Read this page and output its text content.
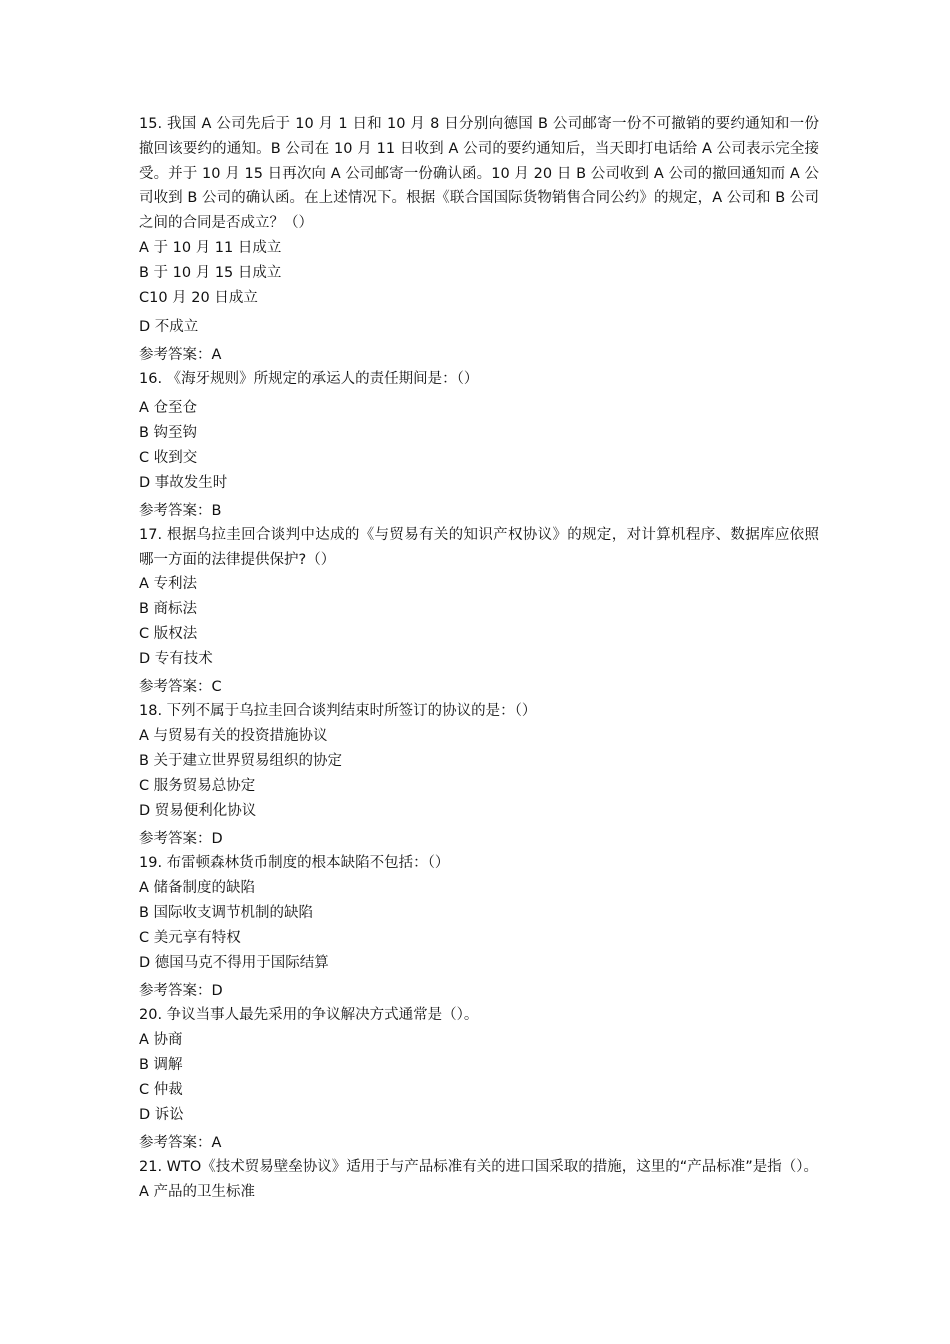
15. 我国 A 公司先后于 10 月 1 日和 10 月 8 日分别向德国 B 公司邮寄一份不可撤销的要约通知和一份撤回该要约的通知。B 公司在 10 月 11 日收到 A 公司的要约通知后，当天即打电话给 A 公司表示完全接受。并于 10 月 15 日再次向 A 公司邮寄一份确认函。10 月 20 日 B 公司收到 A 公司的撤回通知而 A 公司收到 B 公司的确认函。在上述情况下。根据《联合国国际货物销售合同公约》的规定，A 公司和 B 公司之间的合同是否成立？（）

A 于 10 月 11 日成立

B 于 10 月 15 日成立

C10 月 20 日成立

D 不成立

参考答案：A

16. 《海牙规则》所规定的承运人的责任期间是：（）

A 仓至仓

B 钩至钩

C 收到交

D 事故发生时

参考答案：B

17. 根据乌拉圭回合谈判中达成的《与贸易有关的知识产权协议》的规定，对计算机程序、数据库应依照哪一方面的法律提供保护?（）

A 专利法

B 商标法

C 版权法

D 专有技术

参考答案：C

18. 下列不属于乌拉圭回合谈判结束时所签订的协议的是：（）

A 与贸易有关的投资措施协议

B 关于建立世界贸易组织的协定

C 服务贸易总协定

D 贸易便利化协议

参考答案：D

19. 布雷顿森林货币制度的根本缺陷不包括：（）

A 储备制度的缺陷

B 国际收支调节机制的缺陷

C 美元享有特权

D 德国马克不得用于国际结算

参考答案：D

20. 争议当事人最先采用的争议解决方式通常是（）。

A 协商

B 调解

C 仲裁

D 诉讼

参考答案：A

21. WTO《技术贸易壁垒协议》适用于与产品标准有关的进口国采取的措施，这里的“产品标准”是指（）。

A 产品的卫生标准
